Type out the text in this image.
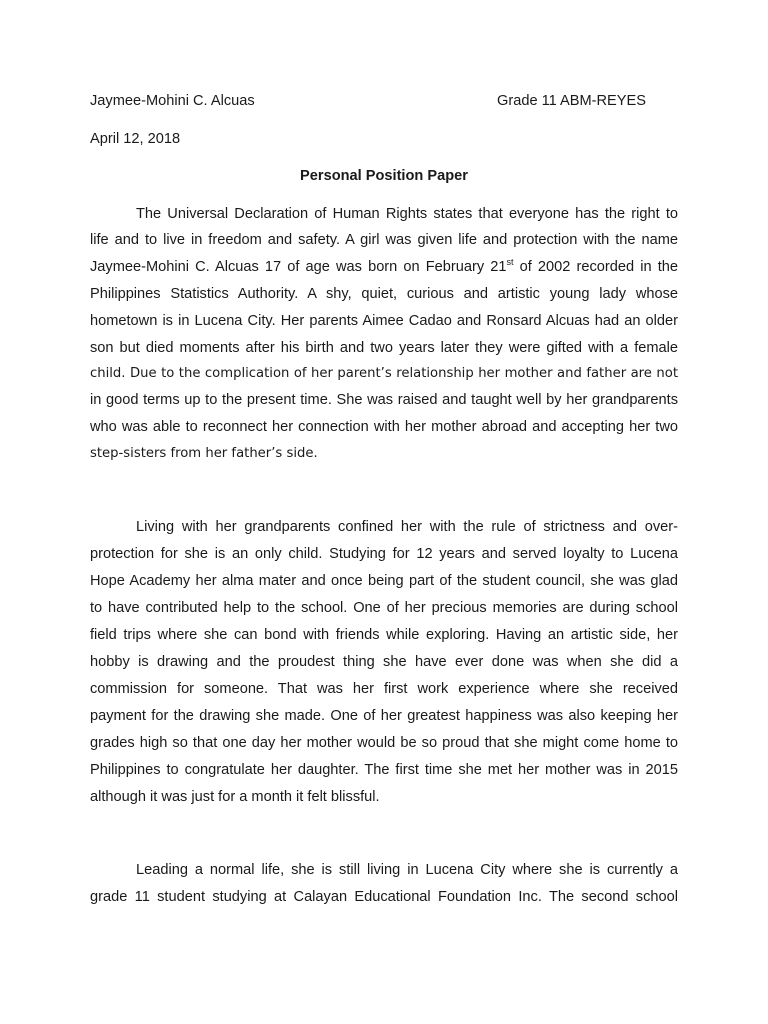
Jaymee-Mohini C. Alcuas	Grade 11 ABM-REYES
April 12, 2018
Personal Position Paper
The Universal Declaration of Human Rights states that everyone has the right to
life and to live in freedom and safety. A girl was given life and protection with the name
Jaymee-Mohini C. Alcuas 17 of age was born on February 21st of 2002 recorded in the
Philippines Statistics Authority. A shy, quiet, curious and artistic young lady whose
hometown is in Lucena City. Her parents Aimee Cadao and Ronsard Alcuas had an older
son but died moments after his birth and two years later they were gifted with a female
child. Due to the complication of her parent’s relationship her mother and father are not
in good terms up to the present time. She was raised and taught well by her grandparents
who was able to reconnect her connection with her mother abroad and accepting her two
step-sisters from her father’s side.
Living with her grandparents confined her with the rule of strictness and over-
protection for she is an only child. Studying for 12 years and served loyalty to Lucena
Hope Academy her alma mater and once being part of the student council, she was glad
to have contributed help to the school. One of her precious memories are during school
field trips where she can bond with friends while exploring. Having an artistic side, her
hobby is drawing and the proudest thing she have ever done was when she did a
commission for someone. That was her first work experience where she received
payment for the drawing she made. One of her greatest happiness was also keeping her
grades high so that one day her mother would be so proud that she might come home to
Philippines to congratulate her daughter. The first time she met her mother was in 2015
although it was just for a month it felt blissful.
Leading a normal life, she is still living in Lucena City where she is currently a
grade 11 student studying at Calayan Educational Foundation Inc. The second school
